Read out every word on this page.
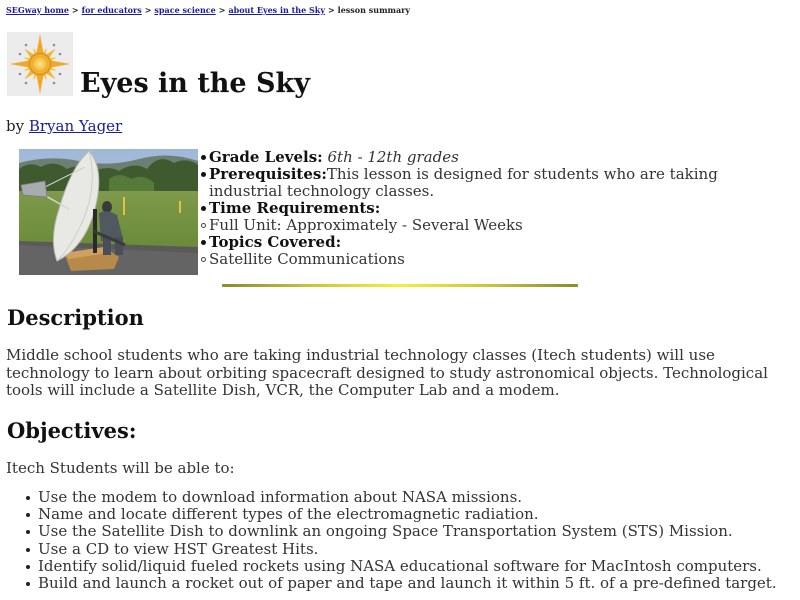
SEGway home > for educators > space science > about Eyes in the Sky > lesson summary
Eyes in the Sky
by Bryan Yager
Grade Levels: 6th - 12th grades
Prerequisites:This lesson is designed for students who are taking industrial technology classes.
Time Requirements:
Full Unit: Approximately - Several Weeks
Topics Covered:
Satellite Communications
Description

Middle school students who are taking industrial technology classes (Itech students) will use technology to learn about orbiting spacecraft designed to study astronomical objects. Technological tools will include a Satellite Dish, VCR, the Computer Lab and a modem.

Objectives:

Itech Students will be able to:

Use the modem to download information about NASA missions.
Name and locate different types of the electromagnetic radiation.
Use the Satellite Dish to downlink an ongoing Space Transportation System (STS) Mission.
Use a CD to view HST Greatest Hits.
Identify solid/liquid fueled rockets using NASA educational software for MacIntosh computers.
Build and launch a rocket out of paper and tape and launch it within 5 ft. of a pre-defined target.
